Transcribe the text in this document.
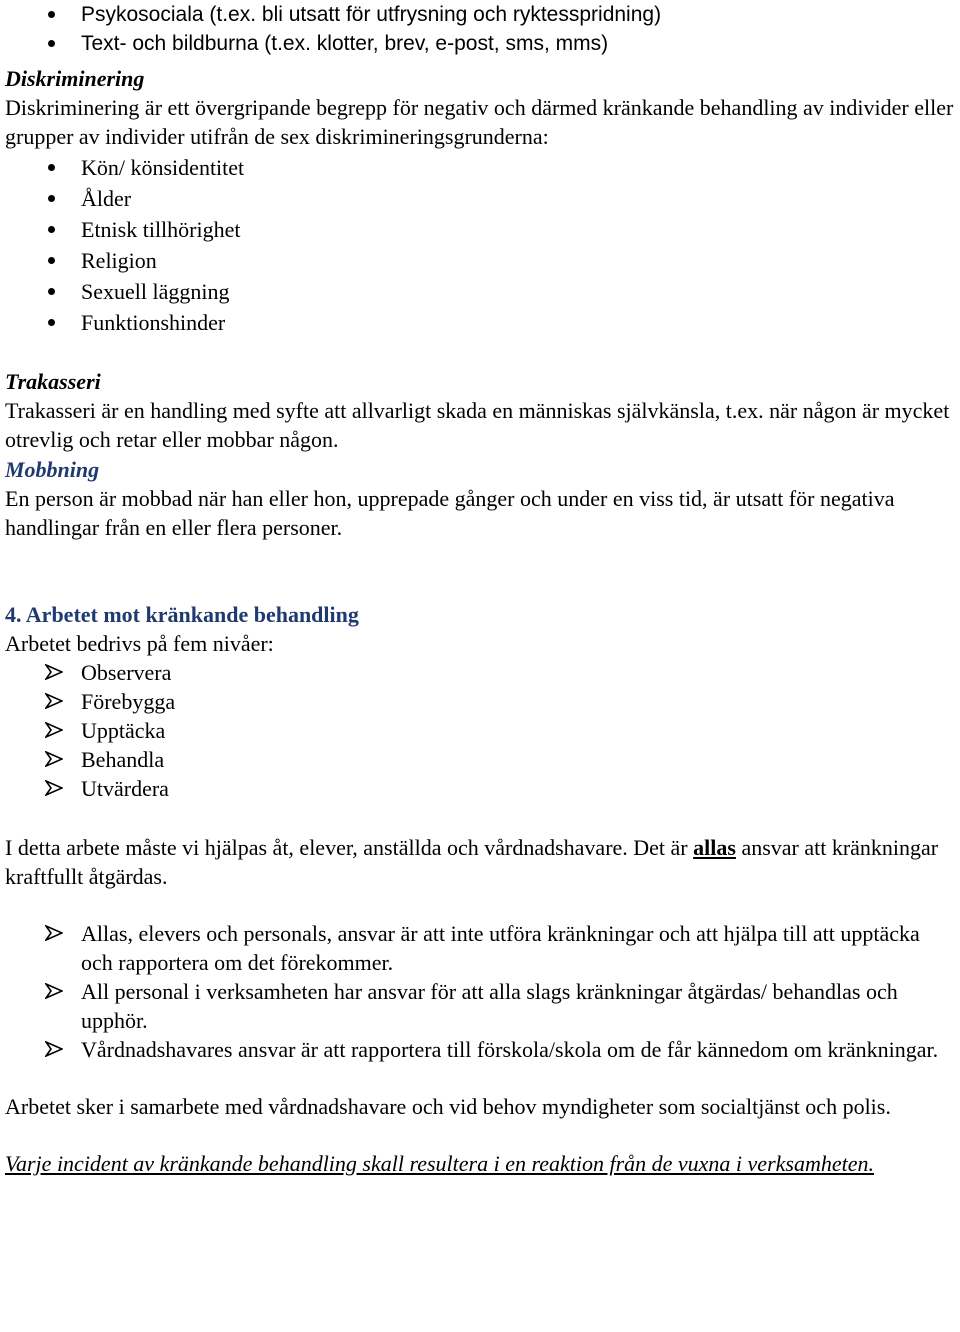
Psykosociala (t.ex. bli utsatt för utfrysning och ryktesspridning)
Text- och bildburna (t.ex. klotter, brev, e-post, sms, mms)
Diskriminering

Diskriminering är ett övergripande begrepp för negativ och därmed kränkande behandling av individer eller grupper av individer utifrån de sex diskrimineringsgrunderna:

Kön/ könsidentitet
Ålder
Etnisk tillhörighet
Religion
Sexuell läggning
Funktionshinder
Trakasseri

Trakasseri är en handling med syfte att allvarligt skada en människas självkänsla, t.ex. när någon är mycket otrevlig och retar eller mobbar någon.

Mobbning

En person är mobbad när han eller hon, upprepade gånger och under en viss tid, är utsatt för negativa handlingar från en eller flera personer.

4. Arbetet mot kränkande behandling

Arbetet bedrivs på fem nivåer:

Observera
Förebygga
Upptäcka
Behandla
Utvärdera

I detta arbete måste vi hjälpas åt, elever, anställda och vårdnadshavare. Det är allas ansvar att kränkningar kraftfullt åtgärdas.

Allas, elevers och personals, ansvar är att inte utföra kränkningar och att hjälpa till att upptäcka och rapportera om det förekommer.
All personal i verksamheten har ansvar för att alla slags kränkningar åtgärdas/ behandlas och upphör.
Vårdnadshavares ansvar är att rapportera till förskola/skola om de får kännedom om kränkningar.

Arbetet sker i samarbete med vårdnadshavare och vid behov myndigheter som socialtjänst och polis.

Varje incident av kränkande behandling skall resultera i en reaktion från de vuxna i verksamheten.
